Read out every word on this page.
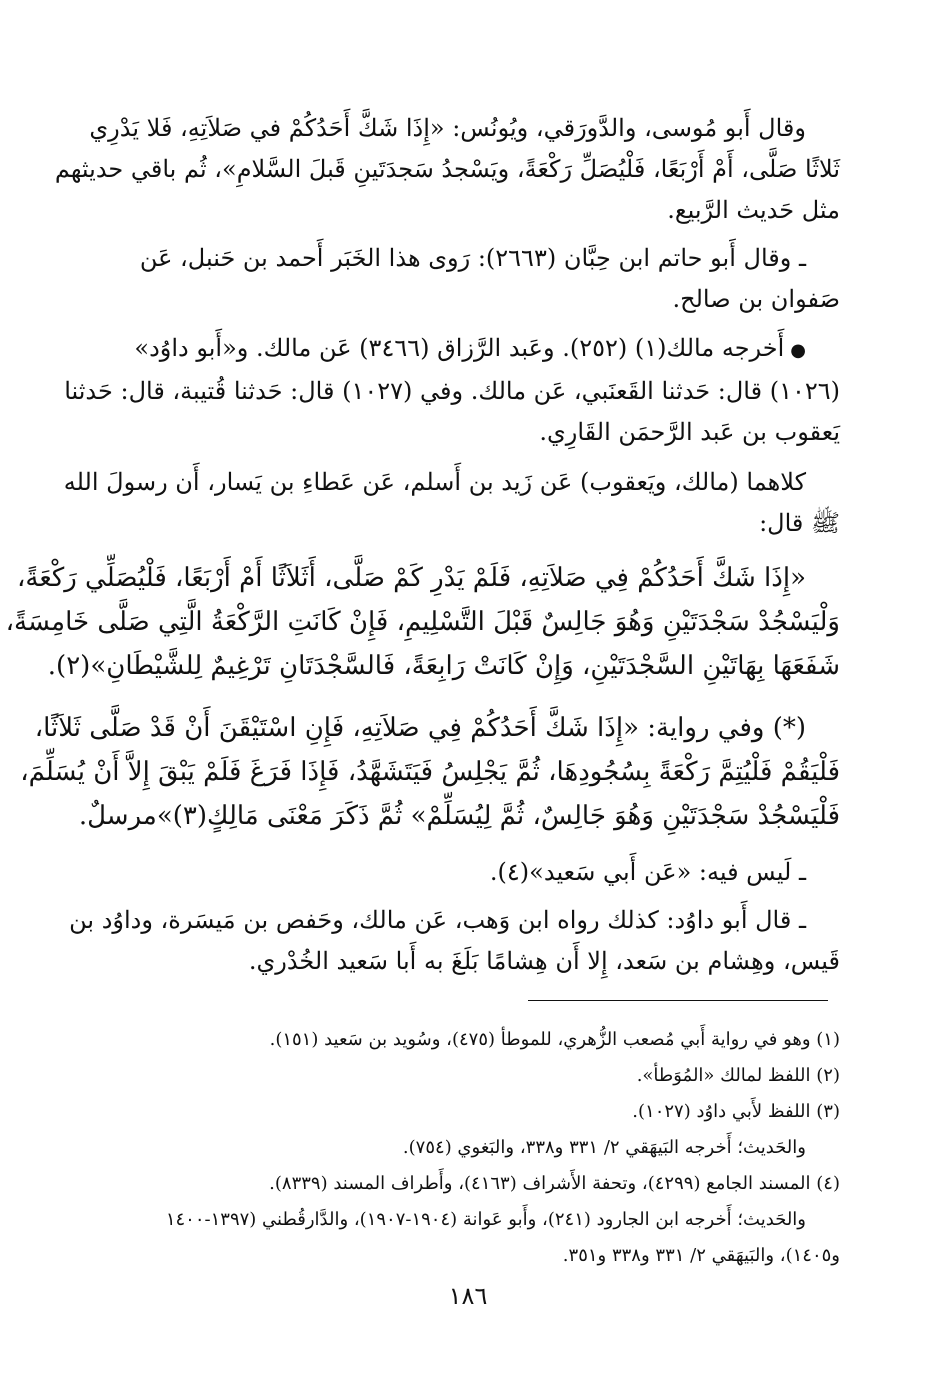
وقال أَبو مُوسى، والدَّورَقي، ويُونُس: «إِذَا شَكَّ أَحَدُكُمْ في صَلاَتِهِ، فَلا يَدْرِي
ثَلاثًا صَلَّى، أَمْ أَرْبَعًا، فَلْيُصَلِّ رَكْعَةً، ويَسْجدُ سَجدَتَينِ قَبلَ السَّلامِ»، ثُم باقي حديثهم
مثل حَديث الرَّبيع.
ـ وقال أَبو حاتم ابن حِبَّان (٢٦٦٣): رَوى هذا الخَبَر أَحمد بن حَنبل، عَن
صَفوان بن صالح.
●أَخرجه مالك(١) (٢٥٢). وعَبد الرَّزاق (٣٤٦٦) عَن مالك. و«أَبو داوُد»
(١٠٢٦) قال: حَدثنا القَعنَبي، عَن مالك. وفي (١٠٢٧) قال: حَدثنا قُتيبة، قال: حَدثنا
يَعقوب بن عَبد الرَّحمَن القَارِي.
كلاهما (مالك، ويَعقوب) عَن زَيد بن أَسلم، عَن عَطاءِ بن يَسار، أَن رسولَ الله
ﷺ قال:
«إِذَا شَكَّ أَحَدُكُمْ فِي صَلاَتِهِ، فَلَمْ يَدْرِ كَمْ صَلَّى، أَثَلاَثًا أَمْ أَرْبَعًا، فَلْيُصَلِّي رَكْعَةً،
وَلْيَسْجُدْ سَجْدَتَيْنِ وَهُوَ جَالِسٌ قَبْلَ التَّسْلِيمِ، فَإِنْ كَانَتِ الرَّكْعَةُ الَّتِي صَلَّى خَامِسَةً،
شَفَعَهَا بِهَاتَيْنِ السَّجْدَتَيْنِ، وَإِنْ كَانَتْ رَابِعَةً، فَالسَّجْدَتَانِ تَرْغِيمٌ لِلشَّيْطَانِ»(٢).
(*) وفي رواية: «إِذَا شَكَّ أَحَدُكُمْ فِي صَلاَتِهِ، فَإِنِ اسْتَيْقَنَ أَنْ قَدْ صَلَّى ثَلاَثًا،
فَلْيَقُمْ فَلْيُتِمَّ رَكْعَةً بِسُجُودِهَا، ثُمَّ يَجْلِسُ فَيَتَشَهَّدُ، فَإِذَا فَرَغَ فَلَمْ يَبْقَ إِلاَّ أَنْ يُسَلِّمَ،
فَلْيَسْجُدْ سَجْدَتَيْنِ وَهُوَ جَالِسٌ، ثُمَّ لِيُسَلِّمْ» ثُمَّ ذَكَرَ مَعْنَى مَالِكٍ(٣)»مرسلٌ.
ـ لَيس فيه: «عَن أَبي سَعيد»(٤).
ـ قال أَبو داوُد: كذلك رواه ابن وَهب، عَن مالك، وحَفص بن مَيسَرة، وداوُد بن
قَيس، وهِشام بن سَعد، إِلا أَن هِشامًا بَلَغَ به أَبا سَعيد الخُدْري.
(١) وهو في رواية أَبي مُصعب الزُّهري، للموطأ (٤٧٥)، وسُويد بن سَعيد (١٥١).
(٢) اللفظ لمالك «المُوَطأ».
(٣) اللفظ لأَبي داوُد (١٠٢٧).
والحَديث؛ أَخرجه البَيهَقي ٢/ ٣٣١ و٣٣٨، والبَغوي (٧٥٤).
(٤) المسند الجامع (٤٢٩٩)، وتحفة الأَشراف (٤١٦٣)، وأَطراف المسند (٨٣٣٩).
والحَديث؛ أَخرجه ابن الجارود (٢٤١)، وأَبو عَوانة (١٩٠٤-١٩٠٧)، والدَّارقُطني (١٣٩٧-١٤٠٠
و١٤٠٥)، والبَيهَقي ٢/ ٣٣١ و٣٣٨ و٣٥١.
١٨٦
